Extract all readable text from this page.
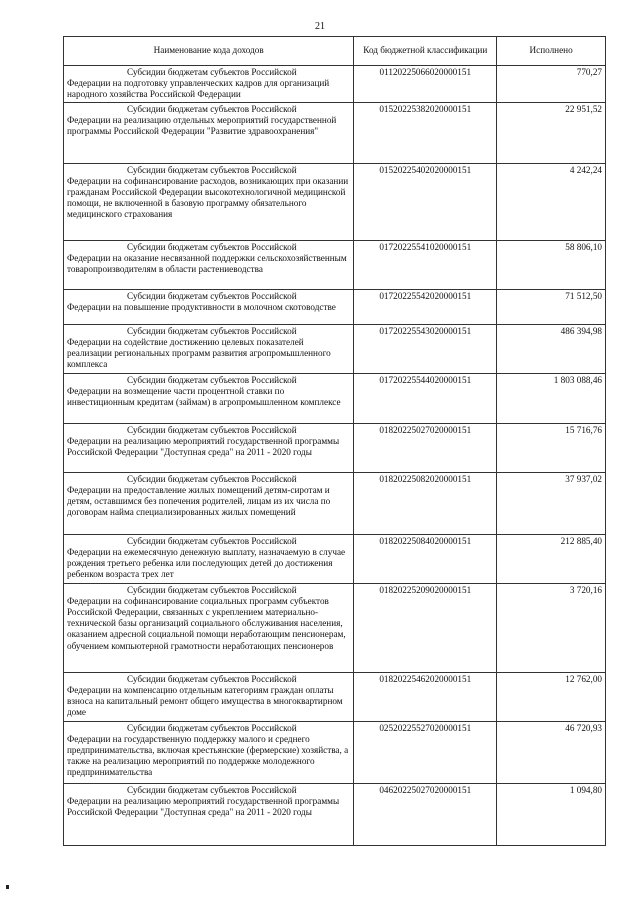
21
Наименование кода доходов	Код бюджетной классификации	Исполнено

Субсидии бюджетам субъектов Российской
Федерации на подготовку управленческих кадров для организаций народного хозяйства Российской Федерации	01120225066020000151	770,27

Субсидии бюджетам субъектов Российской
Федерации на реализацию отдельных мероприятий государственной программы Российской Федерации "Развитие здравоохранения"	01520225382020000151	22 951,52

Субсидии бюджетам субъектов Российской
Федерации на софинансирование расходов, возникающих при оказании гражданам Российской Федерации высокотехнологичной медицинской помощи, не включенной в базовую программу обязательного медицинского страхования	01520225402020000151	4 242,24

Субсидии бюджетам субъектов Российской
Федерации на оказание несвязанной поддержки сельскохозяйственным товаропроизводителям в области растениеводства	01720225541020000151	58 806,10

Субсидии бюджетам субъектов Российской
Федерации на повышение продуктивности в молочном скотоводстве	01720225542020000151	71 512,50

Субсидии бюджетам субъектов Российской
Федерации на содействие достижению целевых показателей реализации региональных программ развития агропромышленного комплекса	01720225543020000151	486 394,98

Субсидии бюджетам субъектов Российской
Федерации на возмещение части процентной ставки по инвестиционным кредитам (займам) в агропромышленном комплексе	01720225544020000151	1 803 088,46

Субсидии бюджетам субъектов Российской
Федерации на реализацию мероприятий государственной программы Российской Федерации "Доступная среда" на 2011 - 2020 годы	01820225027020000151	15 716,76

Субсидии бюджетам субъектов Российской
Федерации на предоставление жилых помещений детям-сиротам и детям, оставшимся без попечения родителей, лицам из их числа по договорам найма специализированных жилых помещений	01820225082020000151	37 937,02

Субсидии бюджетам субъектов Российской
Федерации на ежемесячную денежную выплату, назначаемую в случае рождения третьего ребенка или последующих детей до достижения ребенком возраста трех лет	01820225084020000151	212 885,40

Субсидии бюджетам субъектов Российской
Федерации на софинансирование социальных программ субъектов Российской Федерации, связанных с укреплением материально-технической базы организаций социального обслуживания населения, оказанием адресной социальной помощи неработающим пенсионерам, обучением компьютерной грамотности неработающих пенсионеров	01820225209020000151	3 720,16

Субсидии бюджетам субъектов Российской
Федерации на компенсацию отдельным категориям граждан оплаты взноса на капитальный ремонт общего имущества в многоквартирном доме	01820225462020000151	12 762,00

Субсидии бюджетам субъектов Российской
Федерации на государственную поддержку малого и среднего предпринимательства, включая крестьянские (фермерские) хозяйства, а также на реализацию мероприятий по поддержке молодежного предпринимательства	02520225527020000151	46 720,93

Субсидии бюджетам субъектов Российской
Федерации на реализацию мероприятий государственной программы Российской Федерации "Доступная среда" на 2011 - 2020 годы	04620225027020000151	1 094,80
